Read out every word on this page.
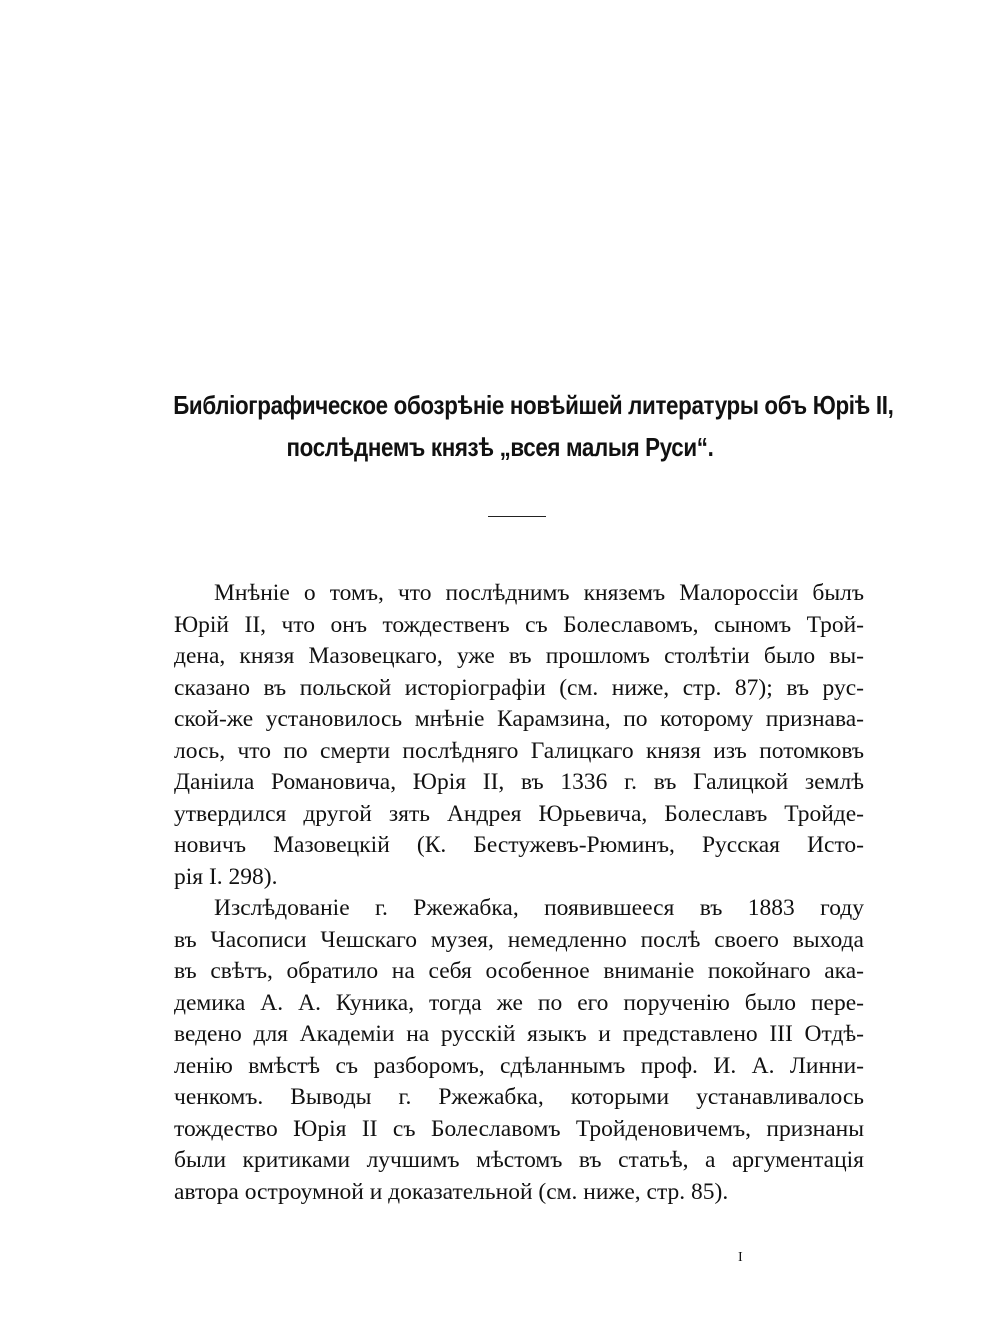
Библіографическое обозрѣніе новѣйшей литературы объ Юріѣ II,
послѣднемъ князѣ „всея малыя Руси“.
Мнѣніе о томъ, что послѣднимъ княземъ Малороссіи былъ
Юрій II, что онъ тождественъ съ Болеславомъ, сыномъ Трой-
дена, князя Мазовецкаго, уже въ прошломъ столѣтіи было вы-
сказано въ польской исторіографіи (см. ниже, стр. 87); въ рус-
ской-же установилось мнѣніе Карамзина, по которому признава-
лось, что по смерти послѣдняго Галицкаго князя изъ потомковъ
Даніила Романовича, Юрія II, въ 1336 г. въ Галицкой землѣ
утвердился другой зять Андрея Юрьевича, Болеславъ Тройде-
новичъ Мазовецкій (К. Бестужевъ-Рюминъ, Русская Исто-
рія I. 298).
Изслѣдованіе г. Ржежабка, появившееся въ 1883 году
въ Часописи Чешскаго музея, немедленно послѣ своего выхода
въ свѣтъ, обратило на себя особенное вниманіе покойнаго ака-
демика А. А. Куника, тогда же по его порученію было пере-
ведено для Академіи на русскій языкъ и представлено III Отдѣ-
ленію вмѣстѣ съ разборомъ, сдѣланнымъ проф. И. А. Линни-
ченкомъ. Выводы г. Ржежабка, которыми устанавливалось
тождество Юрія II съ Болеславомъ Тройденовичемъ, признаны
были критиками лучшимъ мѣстомъ въ статьѣ, а аргументація
автора остроумной и доказательной (см. ниже, стр. 85).
I
